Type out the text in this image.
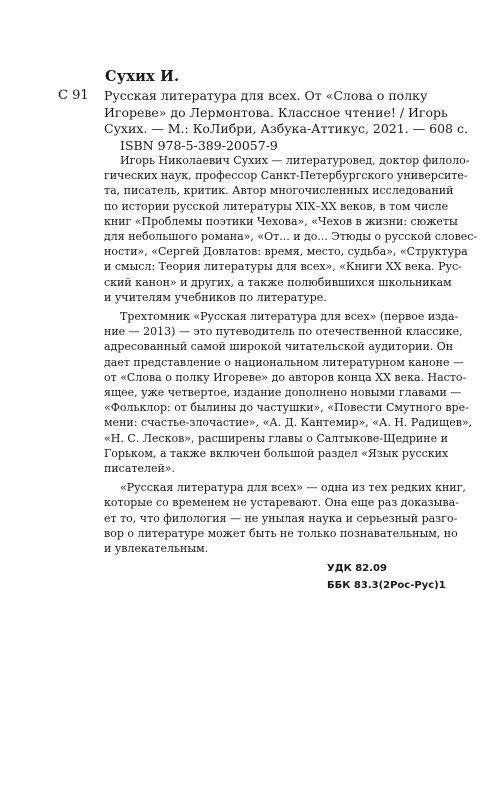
Сухих И.

С 91 Русская литература для всех. От «Слова о полку
Игореве» до Лермонтова. Классное чтение! / Игорь
Сухих. — М.: КоЛибри, Азбука-Аттикус, 2021. — 608 с.
ISBN 978-5-389-20057-9
Игорь Николаевич Сухих — литературовед, доктор филоло-
гических наук, профессор Санкт-Петербургского университе-
та, писатель, критик. Автор многочисленных исследований
по истории русской литературы XIX–XX веков, в том числе
книг «Проблемы поэтики Чехова», «Чехов в жизни: сюжеты
для небольшого романа», «От... и до... Этюды о русской словес-
ности», «Сергей Довлатов: время, место, судьба», «Структура
и смысл: Теория литературы для всех», «Книги XX века. Рус-
ский канон» и других, а также полюбившихся школьникам
и учителям учебников по литературе.
Трехтомник «Русская литература для всех» (первое изда-
ние — 2013) — это путеводитель по отечественной классике,
адресованный самой широкой читательской аудитории. Он
дает представление о национальном литературном каноне —
от «Слова о полку Игореве» до авторов конца XX века. Насто-
ящее, уже четвертое, издание дополнено новыми главами —
«Фольклор: от былины до частушки», «Повести Смутного вре-
мени: счастье-злочастие», «А. Д. Кантемир», «А. Н. Радищев»,
«Н. С. Лесков», расширены главы о Салтыкове-Щедрине и
Горьком, а также включен большой раздел «Язык русских
писателей».
«Русская литература для всех» — одна из тех редких книг,
которые со временем не устаревают. Она еще раз доказыва-
ет то, что филология — не унылая наука и серьезный разго-
вор о литературе может быть не только познавательным, но
и увлекательным.
УДК 82.09
ББК 83.3(2Рос-Рус)1
